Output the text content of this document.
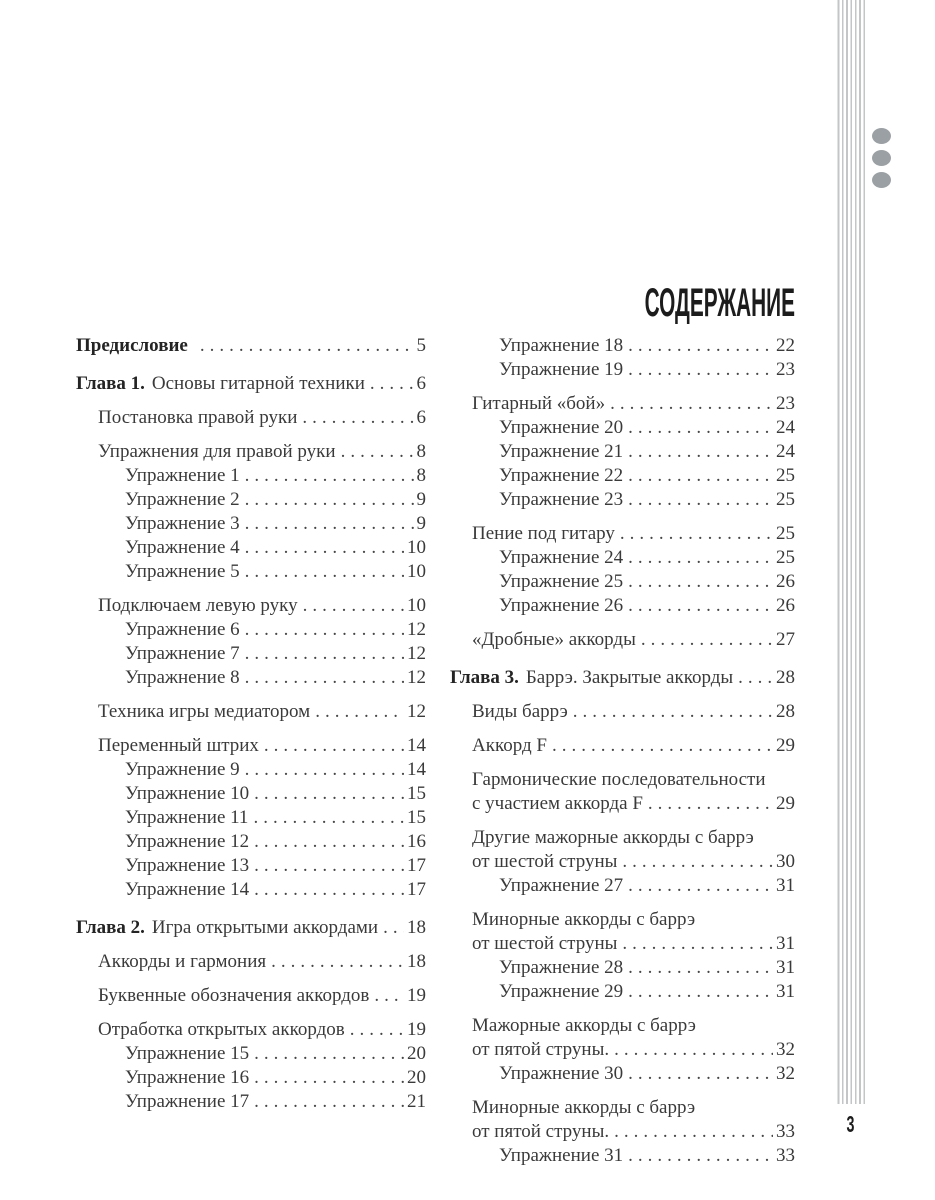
Предисловие .....	5
Глава 1. Основы гитарной техники .....	6
Постановка правой руки .....	6
Упражнения для правой руки .....	8
Упражнение 1 .....	8
Упражнение 2 .....	9
Упражнение 3 .....	9
Упражнение 4 .....	10
Упражнение 5 .....	10
Подключаем левую руку .....	10
Упражнение 6 .....	12
Упражнение 7 .....	12
Упражнение 8 .....	12
Техника игры медиатором .....	12
Переменный штрих .....	14
Упражнение 9 .....	14
Упражнение 10 .....	15
Упражнение 11 .....	15
Упражнение 12 .....	16
Упражнение 13 .....	17
Упражнение 14 .....	17
Глава 2. Игра открытыми аккордами ..... 18
Аккорды и гармония .....	18
Буквенные обозначения аккордов ..... 19
Отработка открытых аккордов .....	19
Упражнение 15 .....	20
Упражнение 16 .....	20
Упражнение 17 .....	21
СОДЕРЖАНИЕ
Упражнение 18 .....	22
Упражнение 19 .....	23
Гитарный «бой» .....	23
Упражнение 20 .....	24
Упражнение 21 .....	24
Упражнение 22 .....	25
Упражнение 23 .....	25
Пение под гитару .....	25
Упражнение 24 .....	25
Упражнение 25 .....	26
Упражнение 26 .....	26
«Дробные» аккорды .....	27
Глава 3. Баррэ. Закрытые аккорды ..... 28
Виды баррэ .....	28
Аккорд F .....	29
Гармонические последовательности
с участием аккорда F .....	29
Другие мажорные аккорды с баррэ
от шестой струны .....	30
Упражнение 27 .....	31
Минорные аккорды с баррэ
от шестой струны .....	31
Упражнение 28 .....	31
Упражнение 29 .....	31
Мажорные аккорды с баррэ
от пятой струны. .....	32
Упражнение 30 .....	32
Минорные аккорды с баррэ
от пятой струны. .....	33
Упражнение 31 .....	33
3
